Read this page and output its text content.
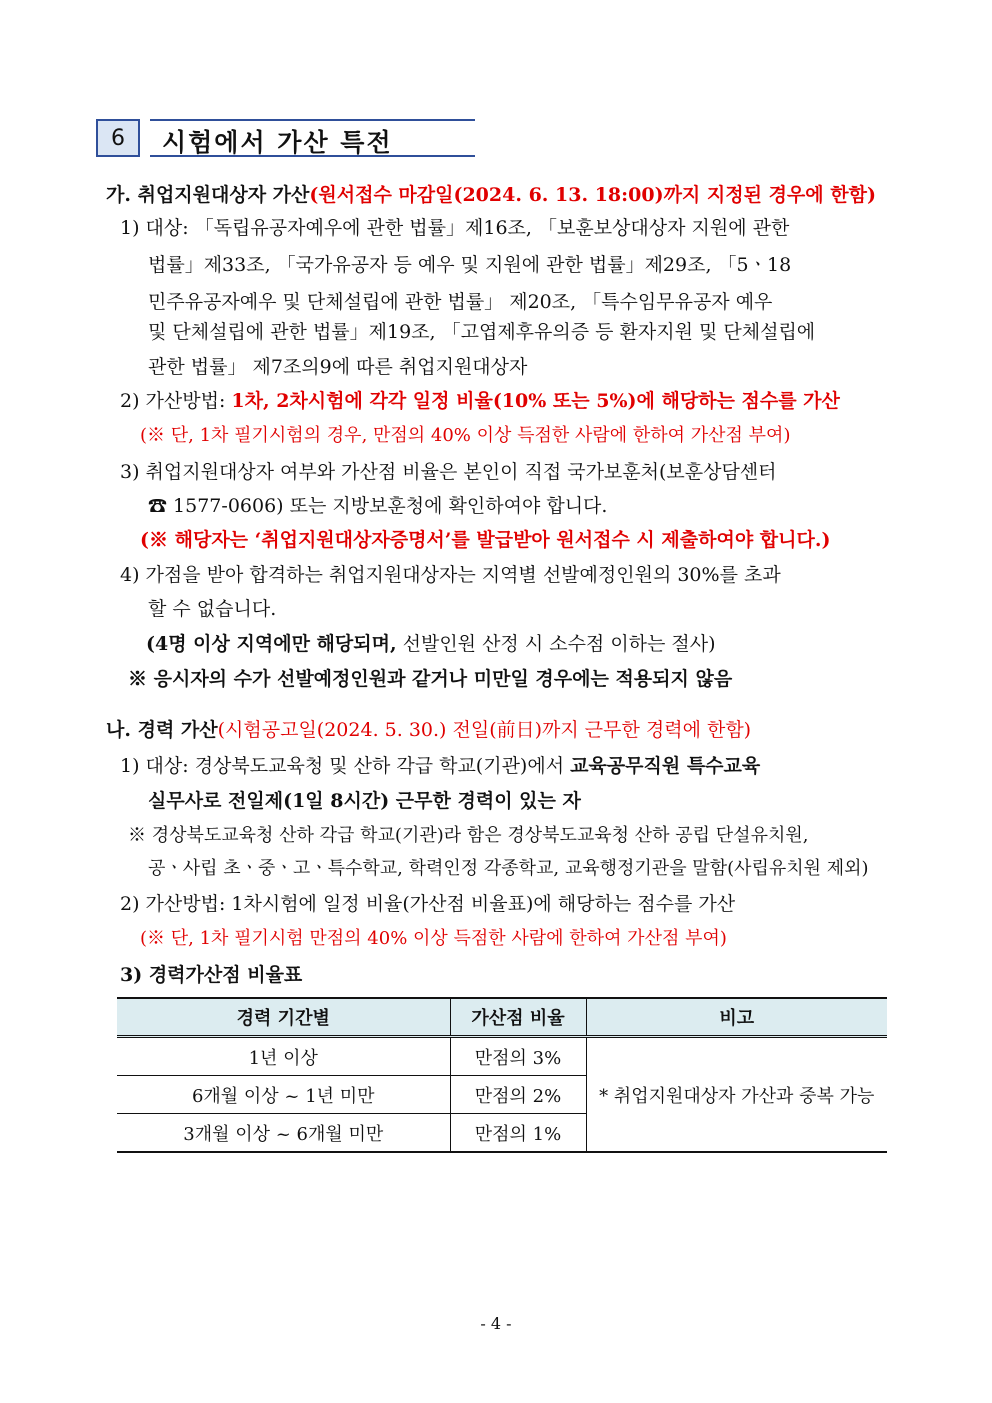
6	시험에서 가산 특전
가. 취업지원대상자 가산(원서접수 마감일(2024. 6. 13. 18:00)까지 지정된 경우에 한함)
1) 대상: 「독립유공자예우에 관한 법률」제16조, 「보훈보상대상자 지원에 관한
법률」제33조, 「국가유공자 등 예우 및 지원에 관한 법률」제29조, 「5ㆍ18
민주유공자예우 및 단체설립에 관한 법률」 제20조, 「특수임무유공자 예우
및 단체설립에 관한 법률」제19조, 「고엽제후유의증 등 환자지원 및 단체설립에
관한 법률」 제7조의9에 따른 취업지원대상자
2) 가산방법: 1차, 2차시험에 각각 일정 비율(10% 또는 5%)에 해당하는 점수를 가산
(※ 단, 1차 필기시험의 경우, 만점의 40% 이상 득점한 사람에 한하여 가산점 부여)
3) 취업지원대상자 여부와 가산점 비율은 본인이 직접 국가보훈처(보훈상담센터
☎ 1577-0606) 또는 지방보훈청에 확인하여야 합니다.
(※ 해당자는 ‘취업지원대상자증명서’를 발급받아 원서접수 시 제출하여야 합니다.)
4) 가점을 받아 합격하는 취업지원대상자는 지역별 선발예정인원의 30%를 초과
할 수 없습니다.
(4명 이상 지역에만 해당되며, 선발인원 산정 시 소수점 이하는 절사)
※ 응시자의 수가 선발예정인원과 같거나 미만일 경우에는 적용되지 않음
나. 경력 가산(시험공고일(2024. 5. 30.) 전일(前日)까지 근무한 경력에 한함)
1) 대상: 경상북도교육청 및 산하 각급 학교(기관)에서 교육공무직원 특수교육
실무사로 전일제(1일 8시간) 근무한 경력이 있는 자
※ 경상북도교육청 산하 각급 학교(기관)라 함은 경상북도교육청 산하 공립 단설유치원,
공ㆍ사립 초ㆍ중ㆍ고ㆍ특수학교, 학력인정 각종학교, 교육행정기관을 말함(사립유치원 제외)
2) 가산방법: 1차시험에 일정 비율(가산점 비율표)에 해당하는 점수를 가산
(※ 단, 1차 필기시험 만점의 40% 이상 득점한 사람에 한하여 가산점 부여)
3) 경력가산점 비율표
경력 기간별	가산점 비율	비고
1년 이상	만점의 3%	* 취업지원대상자 가산과 중복 가능
6개월 이상 ~ 1년 미만	만점의 2%	
3개월 이상 ~ 6개월 미만	만점의 1%	
- 4 -
